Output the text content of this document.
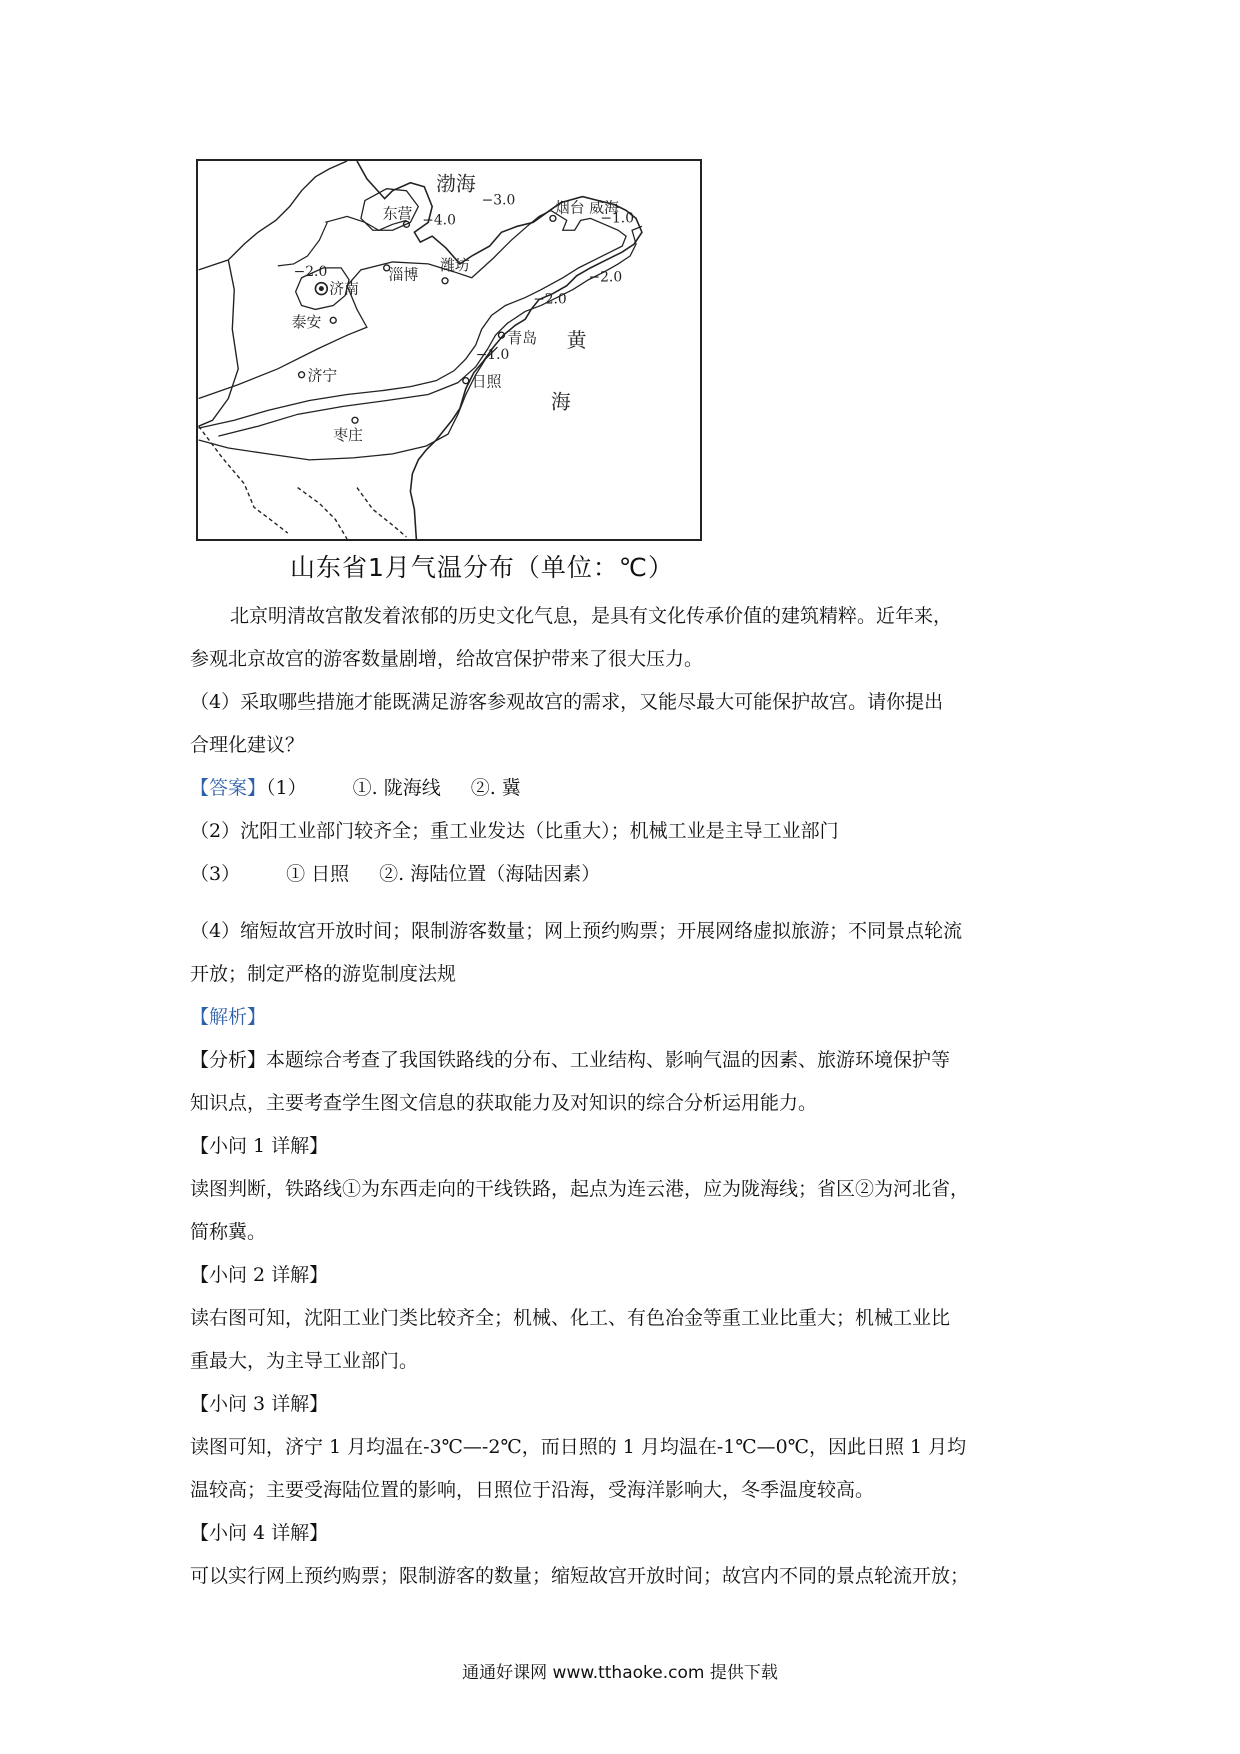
渤海
黄
海
东营	烟台 威海
淄博
潍坊
济南
泰安
济宁
青岛
日照
枣庄
−3.0
−4.0
−2.0
−1.0
−2.0
−2.0
−1.0
山东省1月气温分布（单位：℃）
北京明清故宫散发着浓郁的历史文化气息，是具有文化传承价值的建筑精粹。近年来，
参观北京故宫的游客数量剧增，给故宫保护带来了很大压力。
（4）采取哪些措施才能既满足游客参观故宫的需求，又能尽最大可能保护故宫。请你提出
合理化建议？
【答案】（1） ①. 陇海线 ②. 冀
（2）沈阳工业部门较齐全；重工业发达（比重大）；机械工业是主导工业部门
（3） ① 日照 ②. 海陆位置（海陆因素）
（4）缩短故宫开放时间；限制游客数量；网上预约购票；开展网络虚拟旅游；不同景点轮流
开放；制定严格的游览制度法规
【解析】
【分析】本题综合考查了我国铁路线的分布、工业结构、影响气温的因素、旅游环境保护等
知识点，主要考查学生图文信息的获取能力及对知识的综合分析运用能力。
【小问 1 详解】
读图判断，铁路线①为东西走向的干线铁路，起点为连云港，应为陇海线；省区②为河北省，
简称冀。
【小问 2 详解】
读右图可知，沈阳工业门类比较齐全；机械、化工、有色冶金等重工业比重大；机械工业比
重最大，为主导工业部门。
【小问 3 详解】
读图可知，济宁 1 月均温在-3℃—-2℃，而日照的 1 月均温在-1℃—0℃，因此日照 1 月均
温较高；主要受海陆位置的影响，日照位于沿海，受海洋影响大，冬季温度较高。
【小问 4 详解】
可以实行网上预约购票；限制游客的数量；缩短故宫开放时间；故宫内不同的景点轮流开放；
通通好课网 www.tthaoke.com 提供下载
